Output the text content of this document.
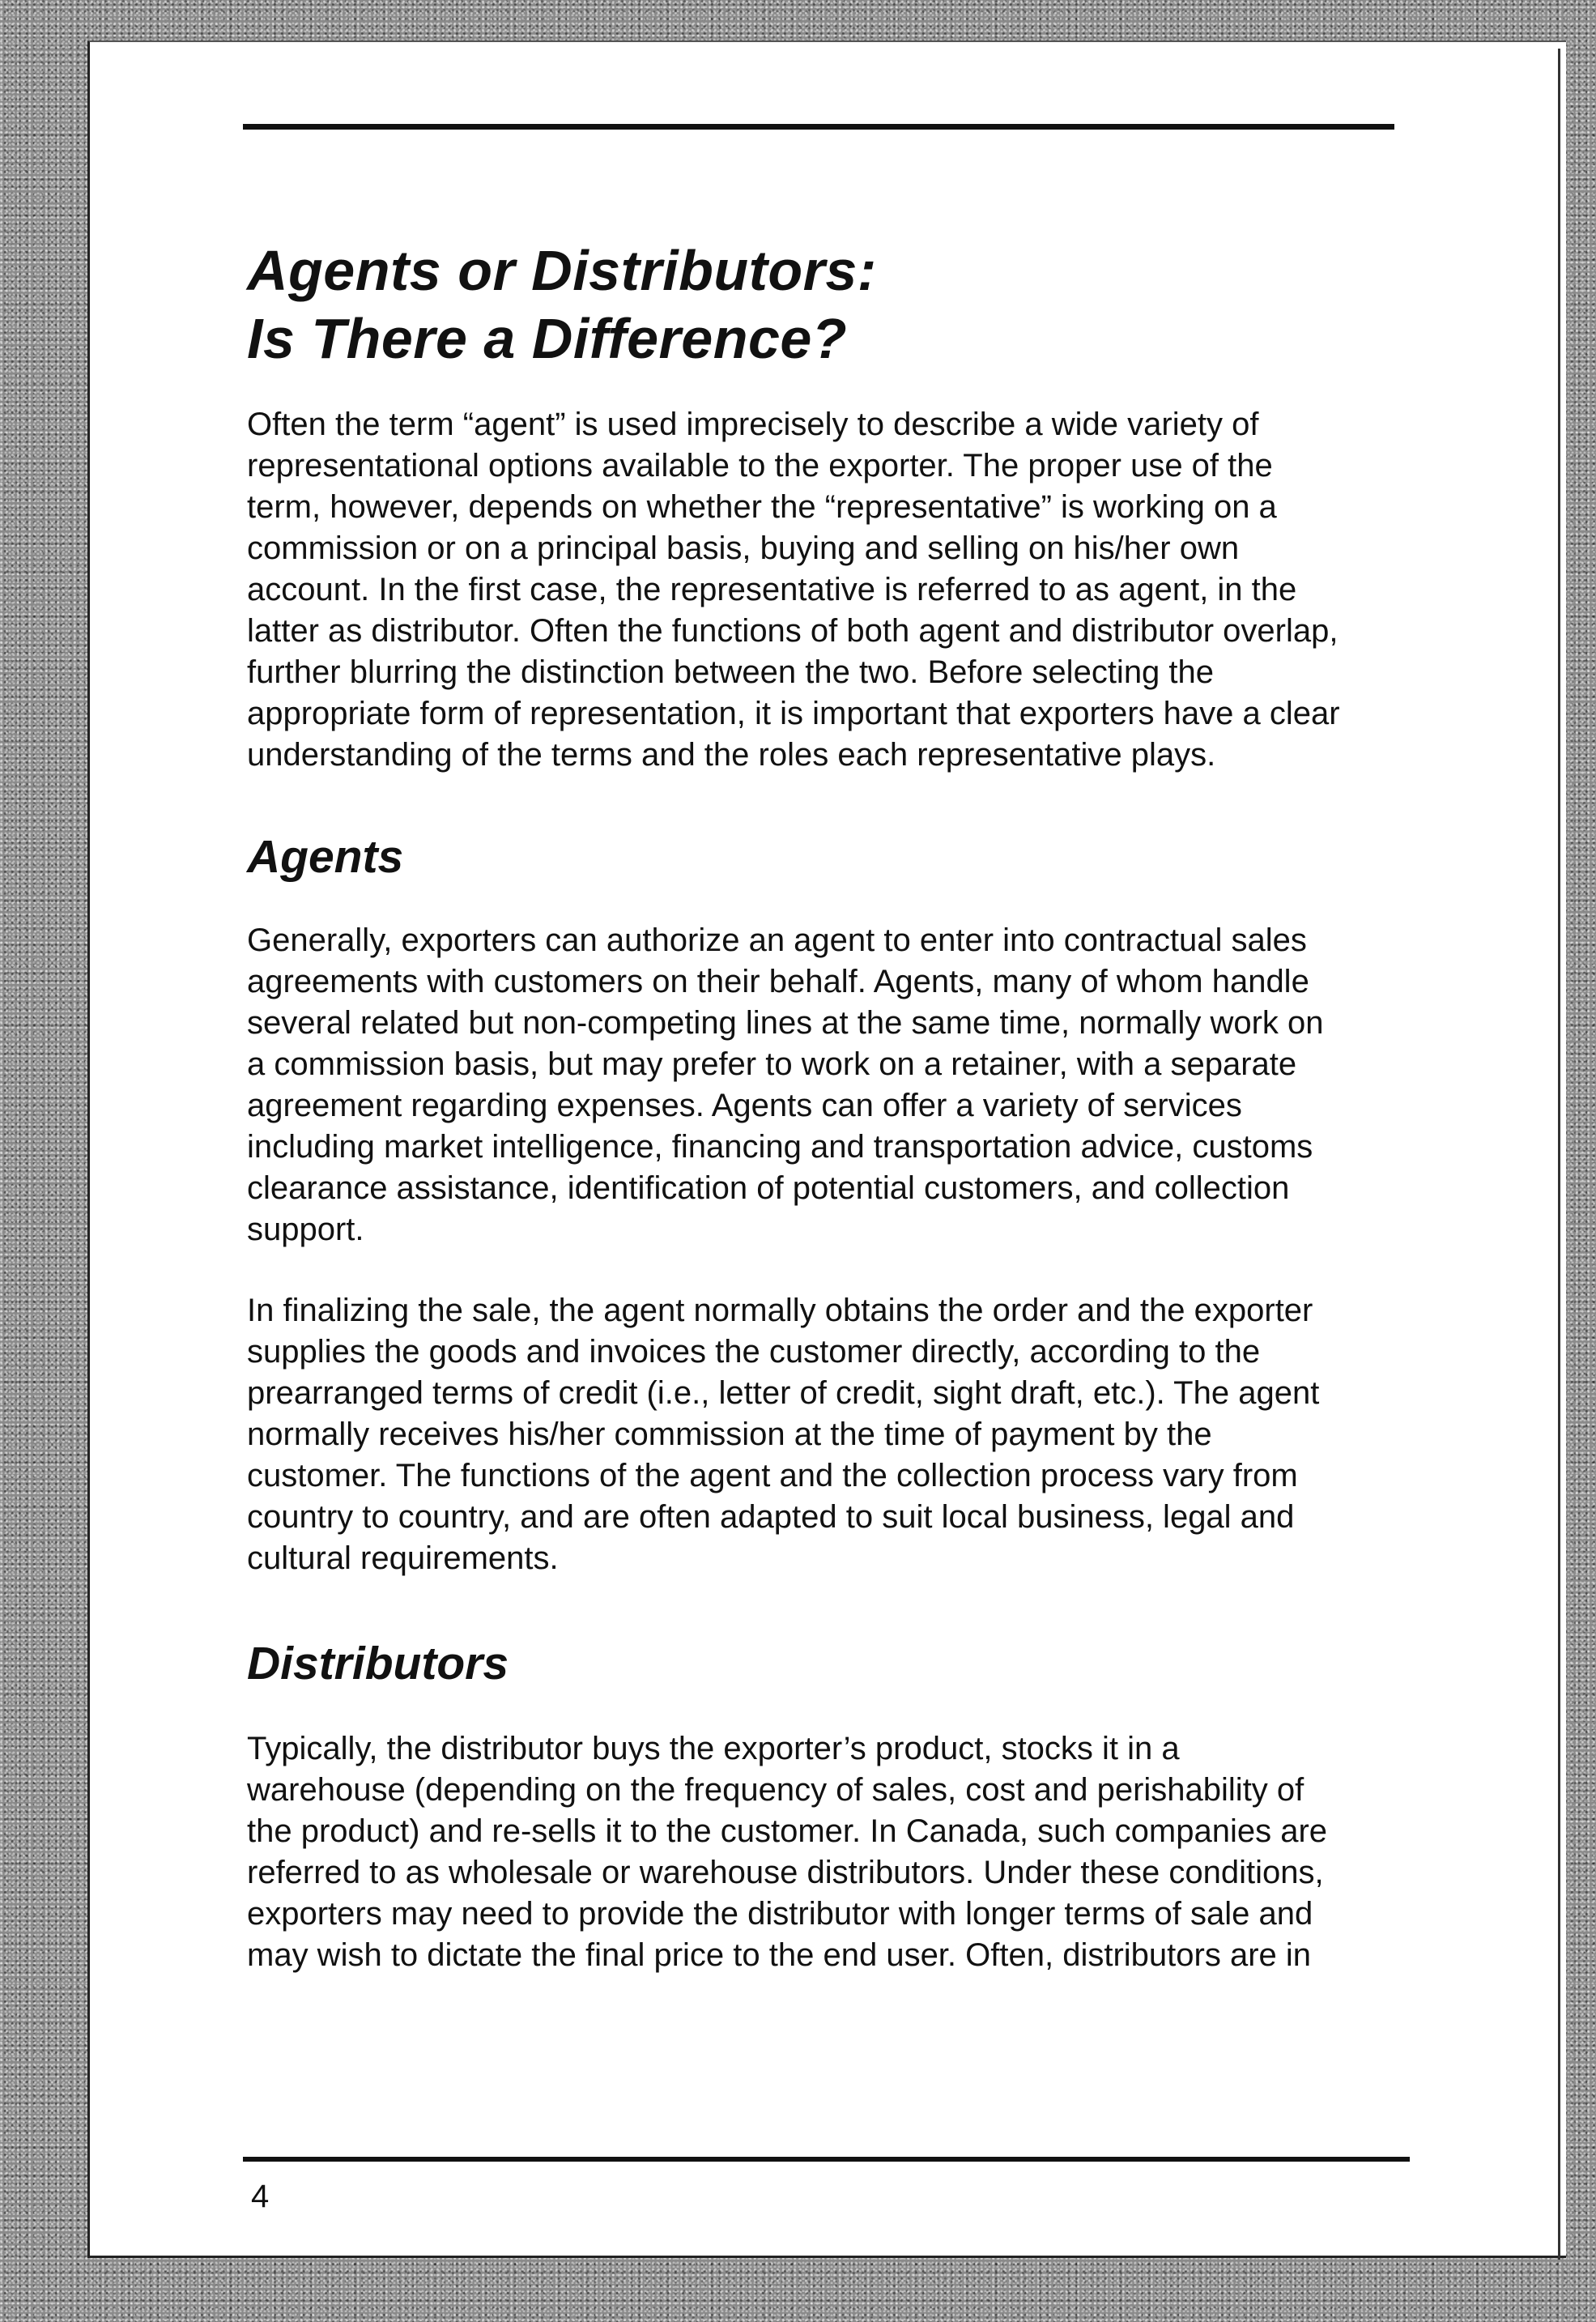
Agents or Distributors:
Is There a Difference?

Often the term “agent” is used imprecisely to describe a wide variety of
representational options available to the exporter. The proper use of the
term, however, depends on whether the “representative” is working on a
commission or on a principal basis, buying and selling on his/her own
account. In the first case, the representative is referred to as agent, in the
latter as distributor. Often the functions of both agent and distributor overlap,
further blurring the distinction between the two. Before selecting the
appropriate form of representation, it is important that exporters have a clear
understanding of the terms and the roles each representative plays.

Agents

Generally, exporters can authorize an agent to enter into contractual sales
agreements with customers on their behalf. Agents, many of whom handle
several related but non-competing lines at the same time, normally work on
a commission basis, but may prefer to work on a retainer, with a separate
agreement regarding expenses. Agents can offer a variety of services
including market intelligence, financing and transportation advice, customs
clearance assistance, identification of potential customers, and collection
support.

In finalizing the sale, the agent normally obtains the order and the exporter
supplies the goods and invoices the customer directly, according to the
prearranged terms of credit (i.e., letter of credit, sight draft, etc.). The agent
normally receives his/her commission at the time of payment by the
customer. The functions of the agent and the collection process vary from
country to country, and are often adapted to suit local business, legal and
cultural requirements.

Distributors

Typically, the distributor buys the exporter’s product, stocks it in a
warehouse (depending on the frequency of sales, cost and perishability of
the product) and re-sells it to the customer. In Canada, such companies are
referred to as wholesale or warehouse distributors. Under these conditions,
exporters may need to provide the distributor with longer terms of sale and
may wish to dictate the final price to the end user. Often, distributors are in

4
